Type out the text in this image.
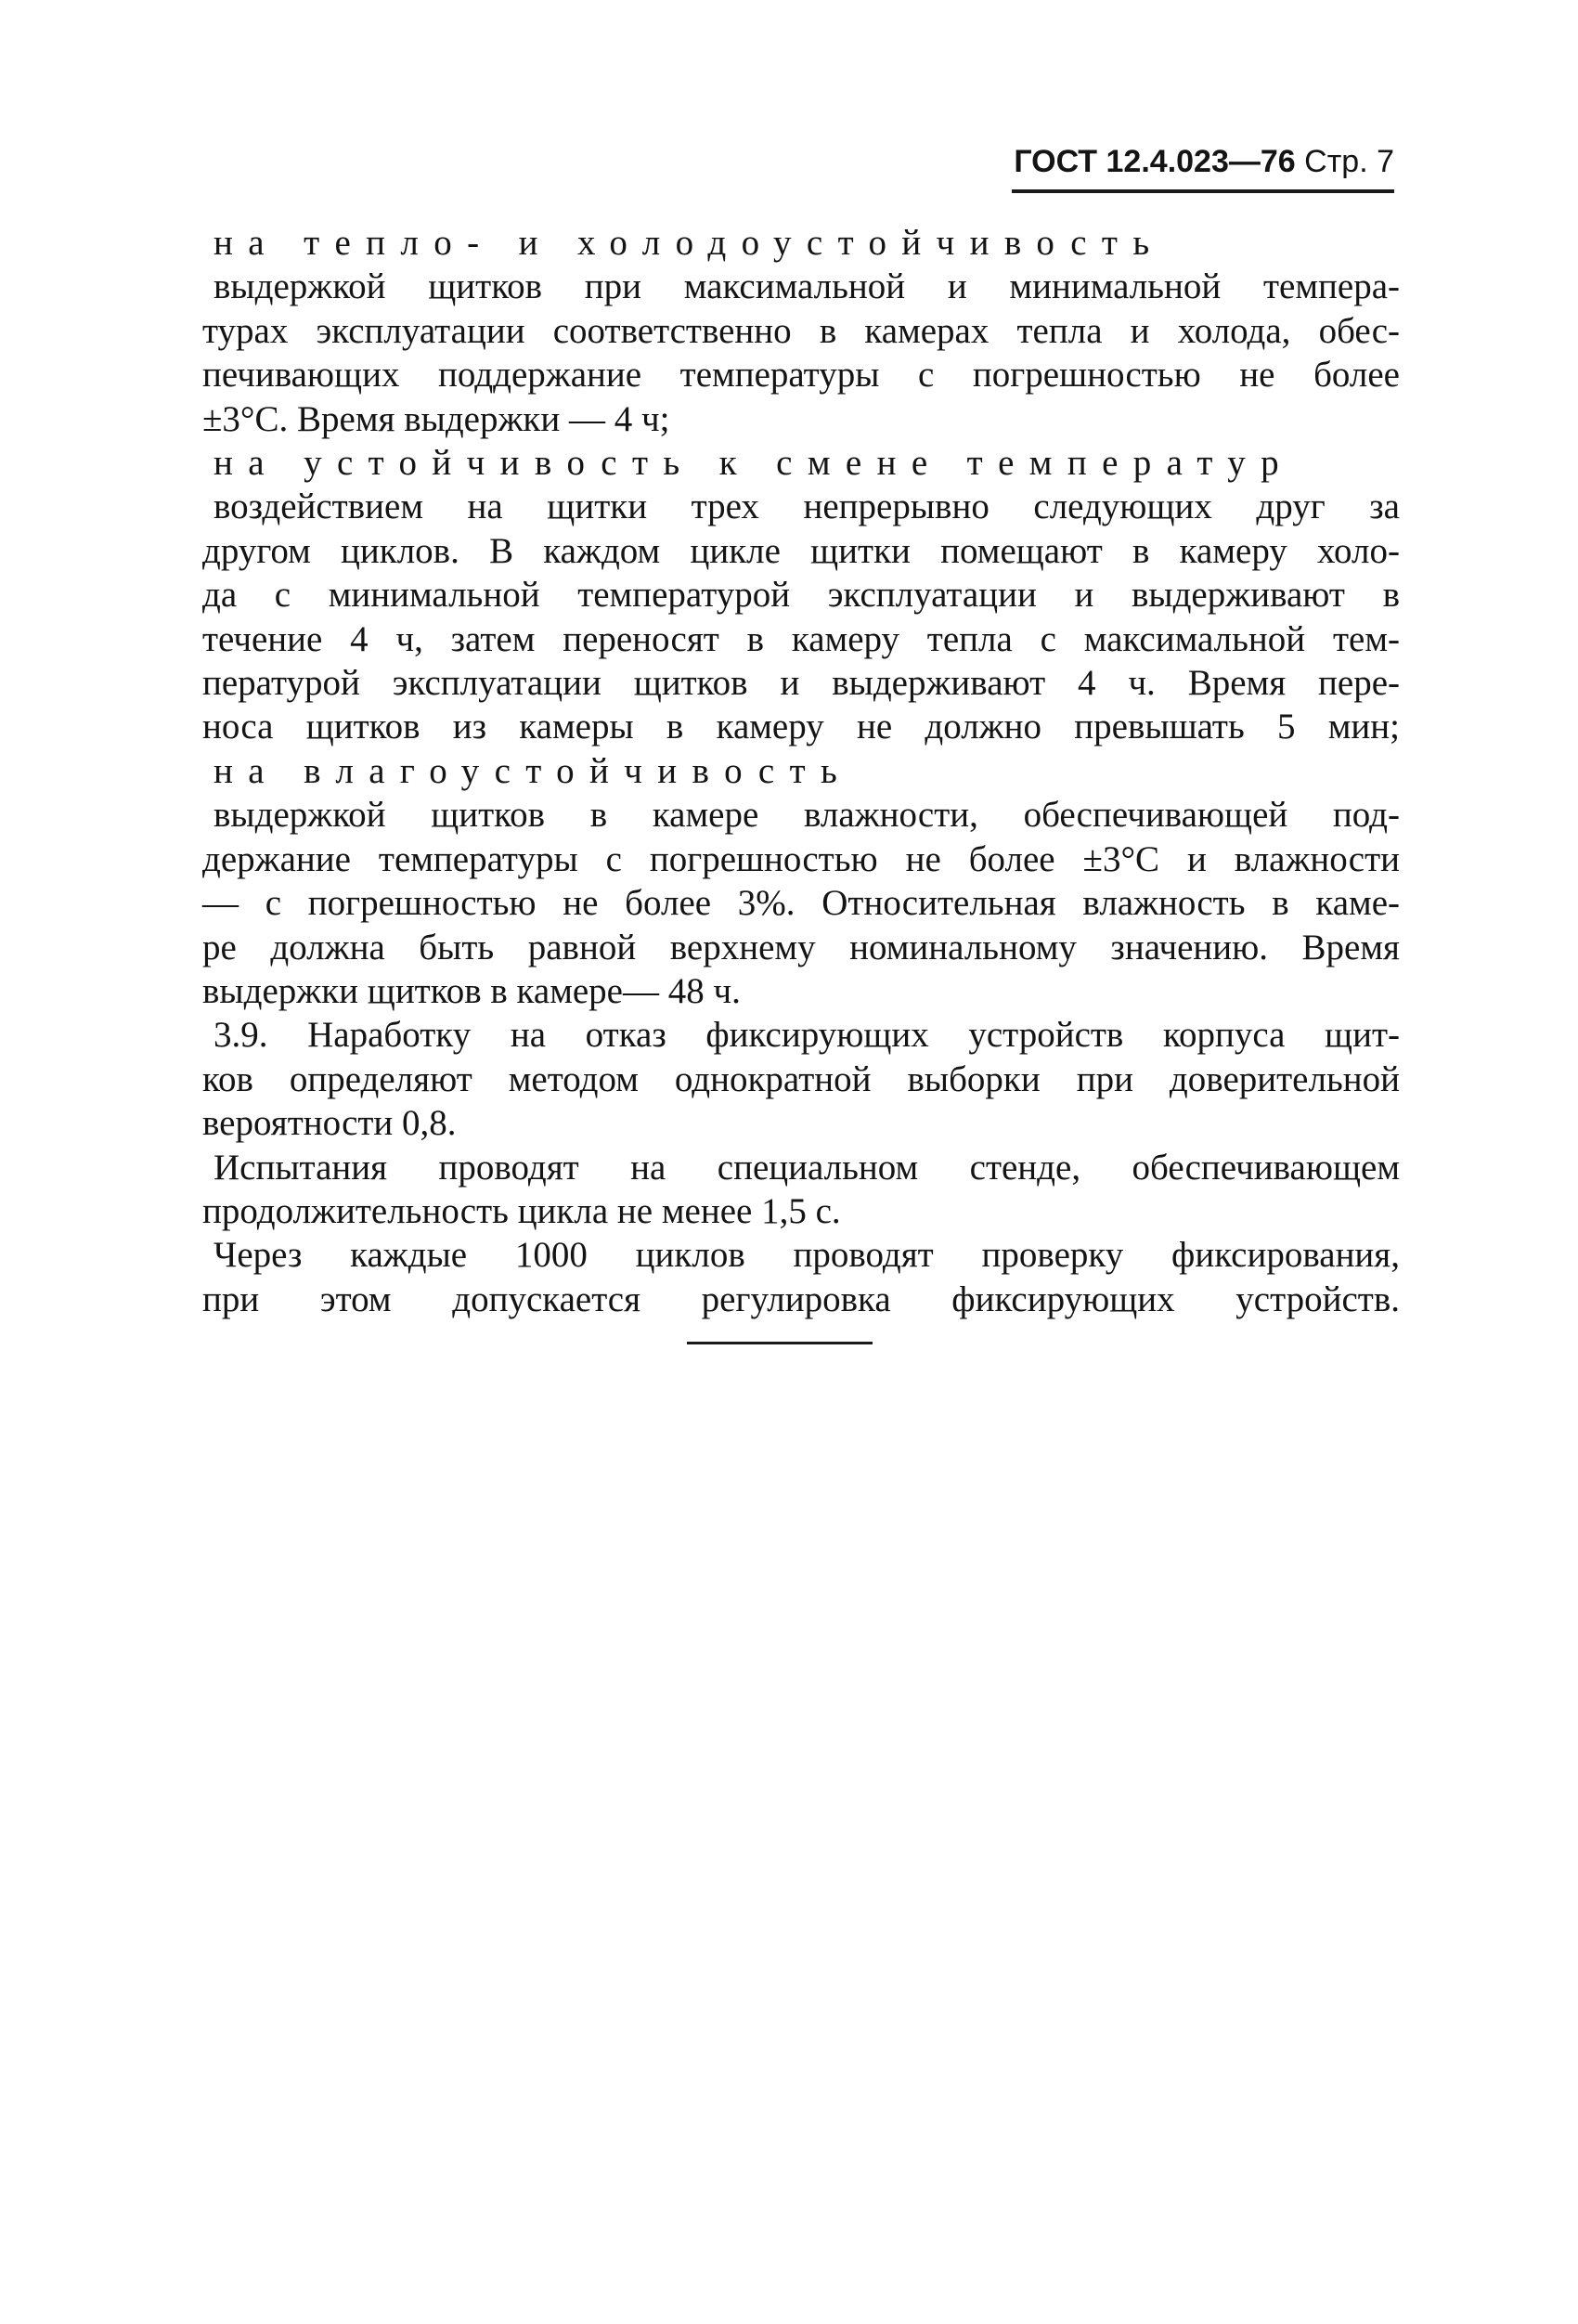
ГОСТ 12.4.023—76 Стр. 7
на тепло- и холодоустойчивость
выдержкой щитков при максимальной и минимальной темпера-
турах эксплуатации соответственно в камерах тепла и холода, обес-
печивающих поддержание температуры с погрешностью не более
±3°С. Время выдержки — 4 ч;
на устойчивость к смене температур
воздействием на щитки трех непрерывно следующих друг за
другом циклов. В каждом цикле щитки помещают в камеру холо-
да с минимальной температурой эксплуатации и выдерживают в
течение 4 ч, затем переносят в камеру тепла с максимальной тем-
пературой эксплуатации щитков и выдерживают 4 ч. Время пере-
носа щитков из камеры в камеру не должно превышать 5 мин;
на влагоустойчивость
выдержкой щитков в камере влажности, обеспечивающей под-
держание температуры с погрешностью не более ±3°С и влажности
— с погрешностью не более 3%. Относительная влажность в каме-
ре должна быть равной верхнему номинальному значению. Время
выдержки щитков в камере— 48 ч.
3.9. Наработку на отказ фиксирующих устройств корпуса щит-
ков определяют методом однократной выборки при доверительной
вероятности 0,8.
Испытания проводят на специальном стенде, обеспечивающем
продолжительность цикла не менее 1,5 с.
Через каждые 1000 циклов проводят проверку фиксирования,
при этом допускается регулировка фиксирующих устройств.
